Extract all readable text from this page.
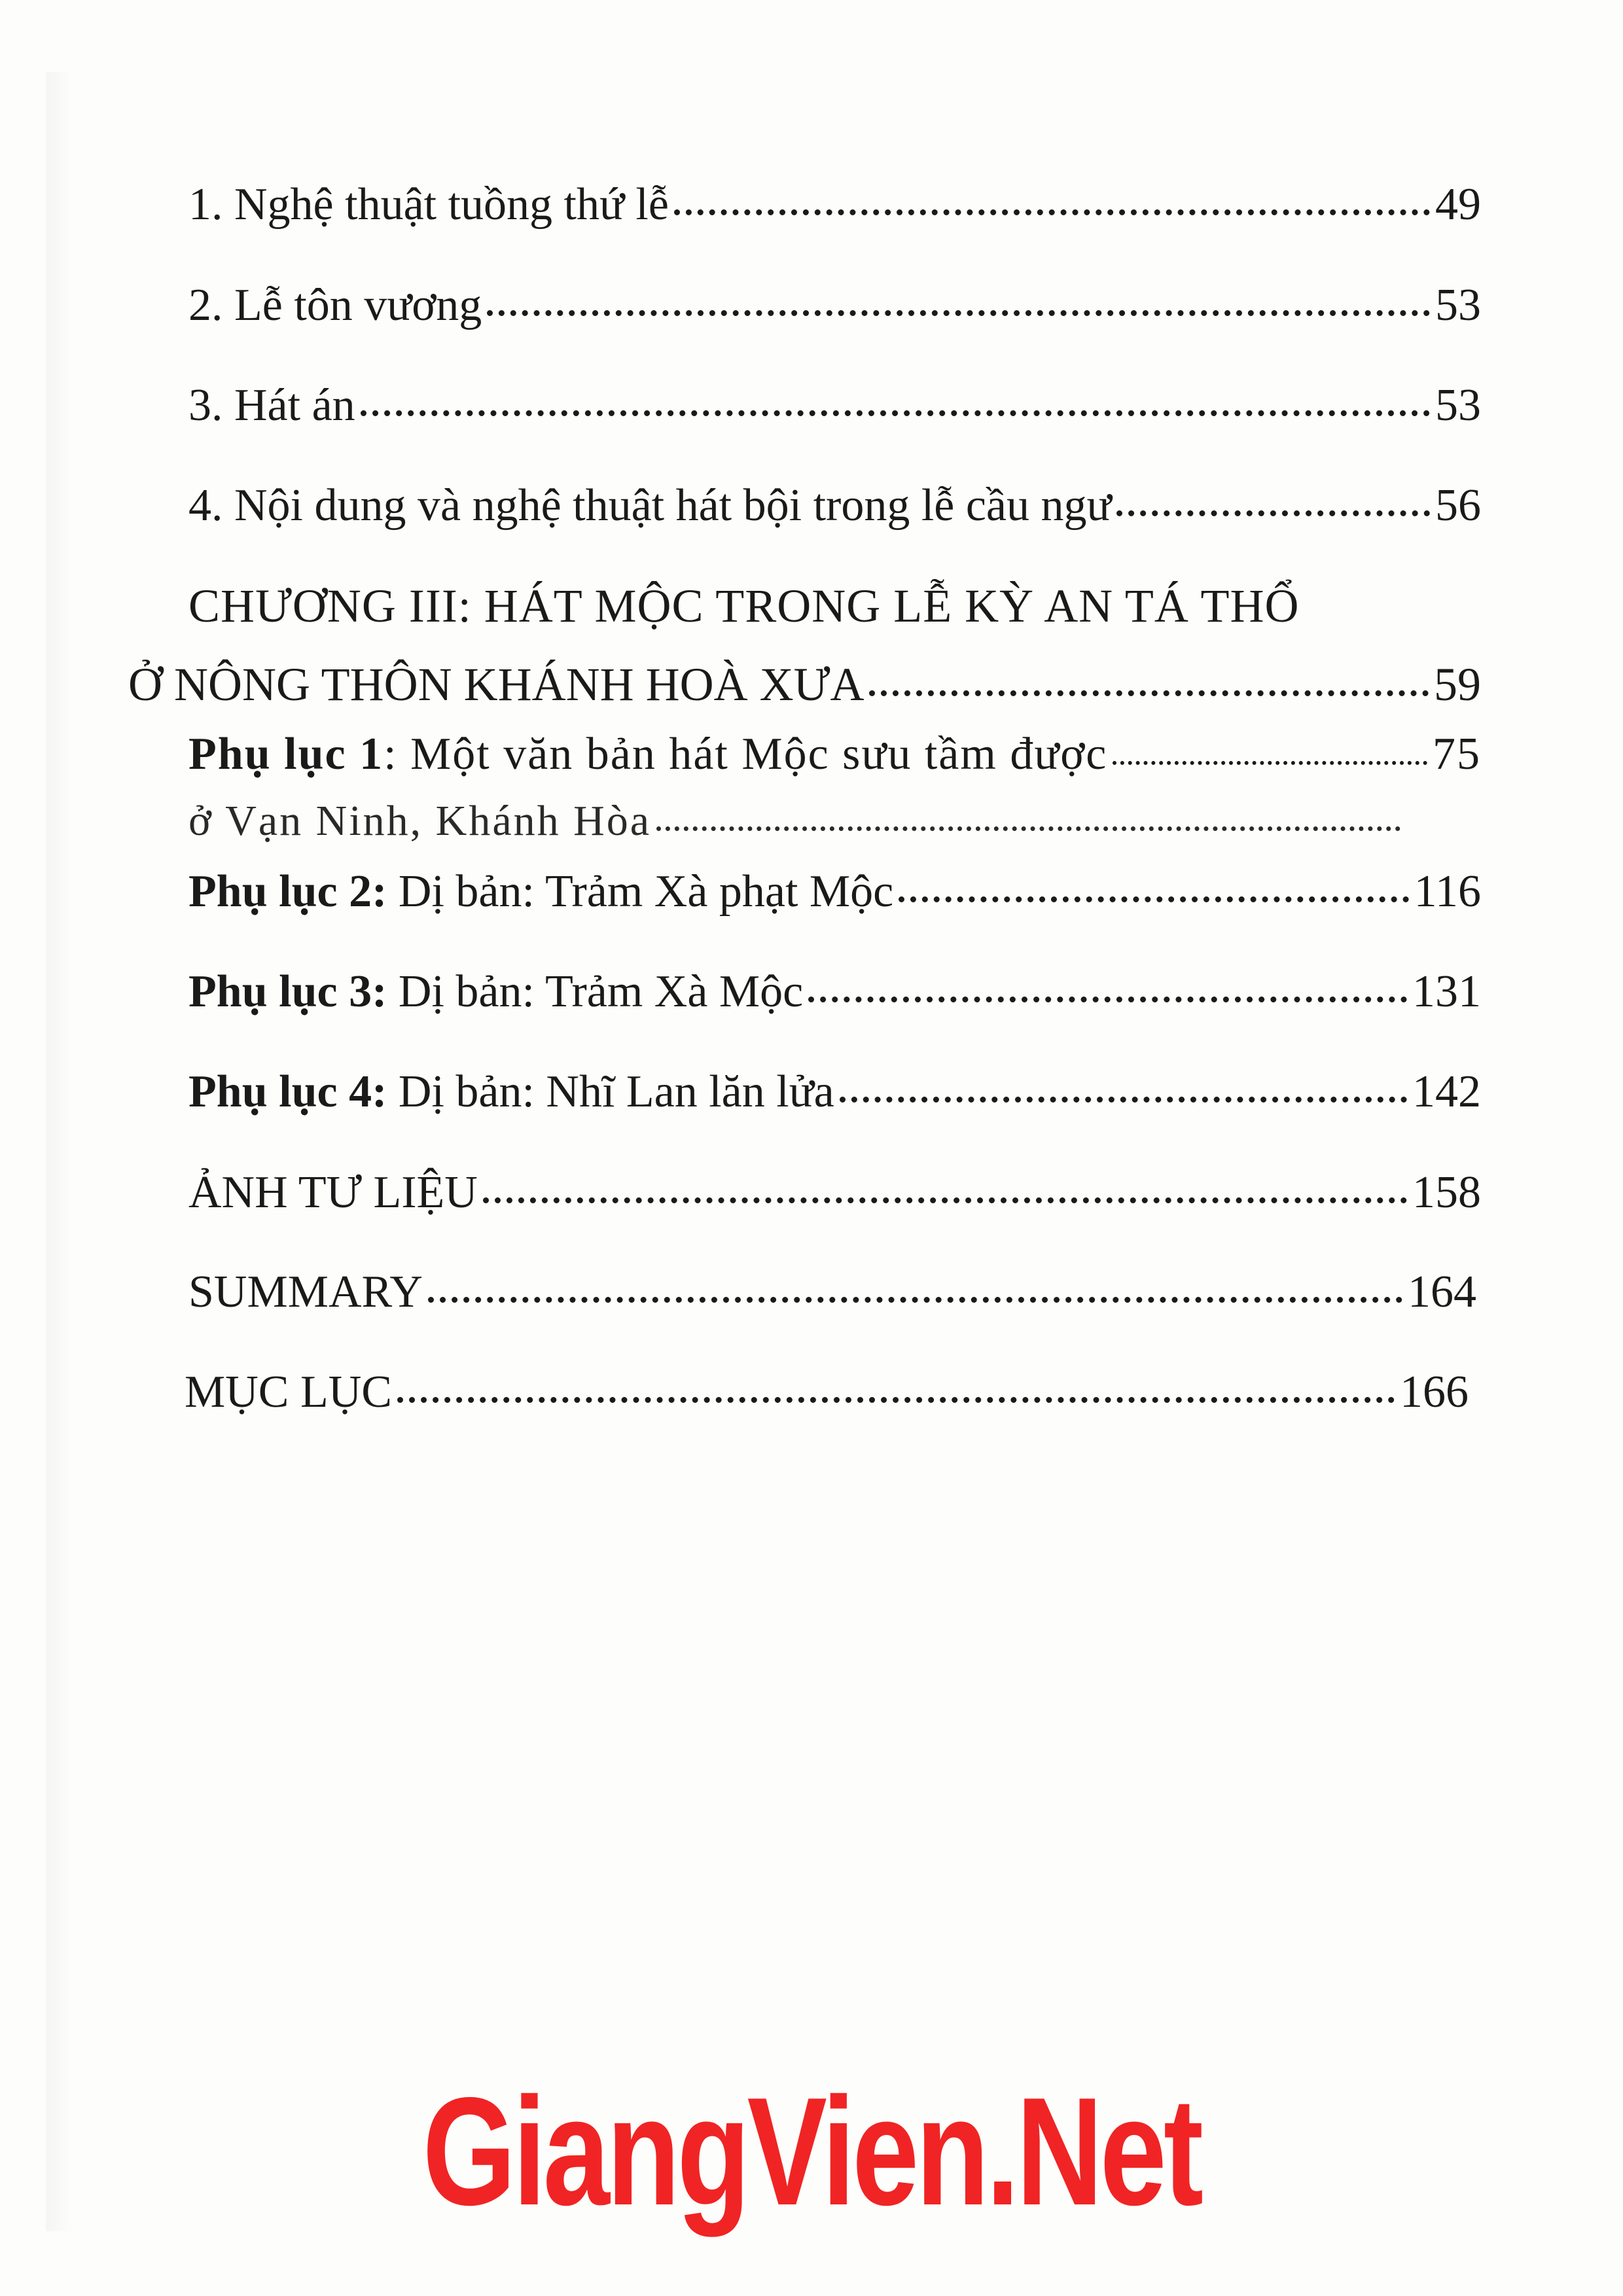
1. Nghệ thuật tuồng thứ lễ	49
2. Lễ tôn vương	53
3. Hát án	53
4. Nội dung và nghệ thuật hát bội trong lễ cầu ngư	56
CHƯƠNG III: HÁT MỘC TRONG LỄ KỲ AN TÁ THỔ
Ở NÔNG THÔN KHÁNH HOÀ XƯA	59
Phụ lục 1: Một văn bản hát Mộc sưu tầm được	75
ở Vạn Ninh, Khánh Hòa
Phụ lục 2: Dị bản: Trảm Xà phạt Mộc	116
Phụ lục 3: Dị bản: Trảm Xà Mộc	131
Phụ lục 4: Dị bản: Nhĩ Lan lăn lửa	142
ẢNH TƯ LIỆU	158
SUMMARY	164
MỤC LỤC	166
GiangVien.Net
